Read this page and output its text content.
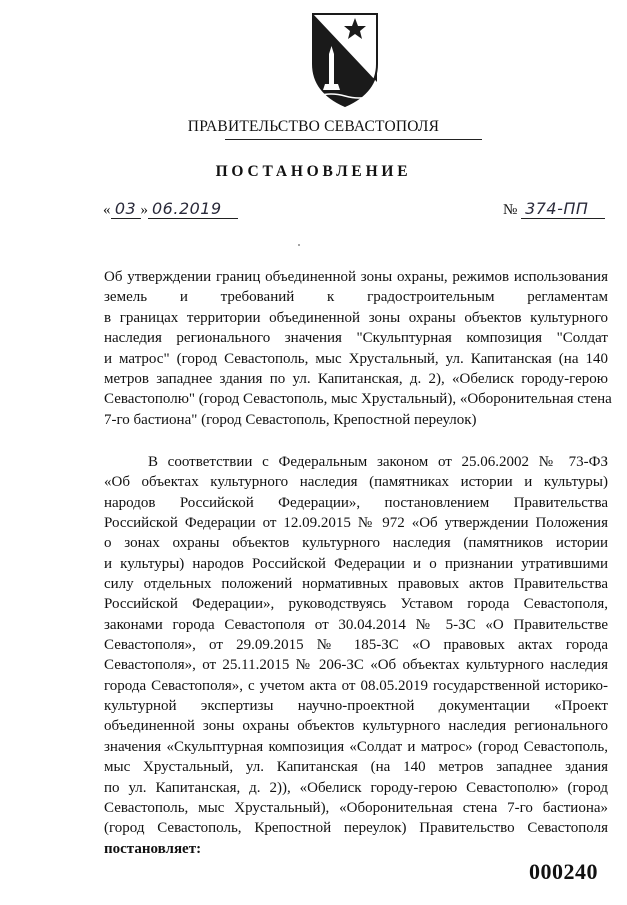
ПРАВИТЕЛЬСТВО СЕВАСТОПОЛЯ
ПОСТАНОВЛЕНИЕ
« 03 » 06.2019	№ 374-ПП
Об утверждении границ объединенной зоны охраны, режимов использования
земель и требований к градостроительным регламентам
в границах территории объединенной зоны охраны объектов культурного
наследия регионального значения "Скульптурная композиция "Солдат
и матрос" (город Севастополь, мыс Хрустальный, ул. Капитанская (на 140
метров западнее здания по ул. Капитанская, д. 2), «Обелиск городу-герою
Севастополю" (город Севастополь, мыс Хрустальный), «Оборонительная стена
7-го бастиона" (город Севастополь, Крепостной переулок)
В соответствии с Федеральным законом от 25.06.2002 № 73-ФЗ
«Об объектах культурного наследия (памятниках истории и культуры)
народов Российской Федерации», постановлением Правительства
Российской Федерации от 12.09.2015 № 972 «Об утверждении Положения
о зонах охраны объектов культурного наследия (памятников истории
и культуры) народов Российской Федерации и о признании утратившими
силу отдельных положений нормативных правовых актов Правительства
Российской Федерации», руководствуясь Уставом города Севастополя,
законами города Севастополя от 30.04.2014 № 5-ЗС «О Правительстве
Севастополя», от 29.09.2015 № 185-ЗС «О правовых актах города
Севастополя», от 25.11.2015 № 206-ЗС «Об объектах культурного наследия
города Севастополя», с учетом акта от 08.05.2019 государственной историко-
культурной экспертизы научно-проектной документации «Проект
объединенной зоны охраны объектов культурного наследия регионального
значения «Скульптурная композиция «Солдат и матрос» (город Севастополь,
мыс Хрустальный, ул. Капитанская (на 140 метров западнее здания
по ул. Капитанская, д. 2)), «Обелиск городу-герою Севастополю» (город
Севастополь, мыс Хрустальный), «Оборонительная стена 7-го бастиона»
(город Севастополь, Крепостной переулок) Правительство Севастополя
постановляет:
000240
